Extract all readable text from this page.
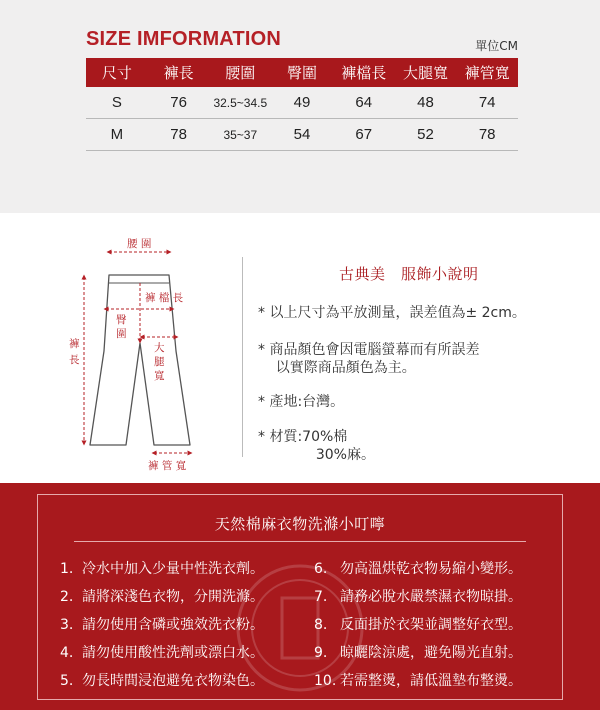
SIZE IMFORMATION	單位CM
尺寸	褲長	腰圍	臀圍	褲檔長	大腿寬	褲管寬
S	76	32.5~34.5	49	64	48	74
M	78	35~37	54	67	52	78
腰 圍
褲 檔 長
臀 圍
大 腿 寬
褲 長
褲 管 寬
古典美　服飾小說明
* 以上尺寸為平放測量，誤差值為± 2cm。
* 商品顏色會因電腦螢幕而有所誤差
以實際商品顏色為主。
* 產地:台灣。
* 材質:70%棉
30%麻。
天然棉麻衣物洗滌小叮嚀
1. 冷水中加入少量中性洗衣劑。
2. 請將深淺色衣物，分開洗滌。
3. 請勿使用含磷或強效洗衣粉。
4. 請勿使用酸性洗劑或漂白水。
5. 勿長時間浸泡避免衣物染色。
6. 勿高溫烘乾衣物易縮小變形。
7. 請務必脫水嚴禁濕衣物晾掛。
8. 反面掛於衣架並調整好衣型。
9. 晾曬陰涼處，避免陽光直射。
10. 若需整燙，請低溫墊布整燙。
